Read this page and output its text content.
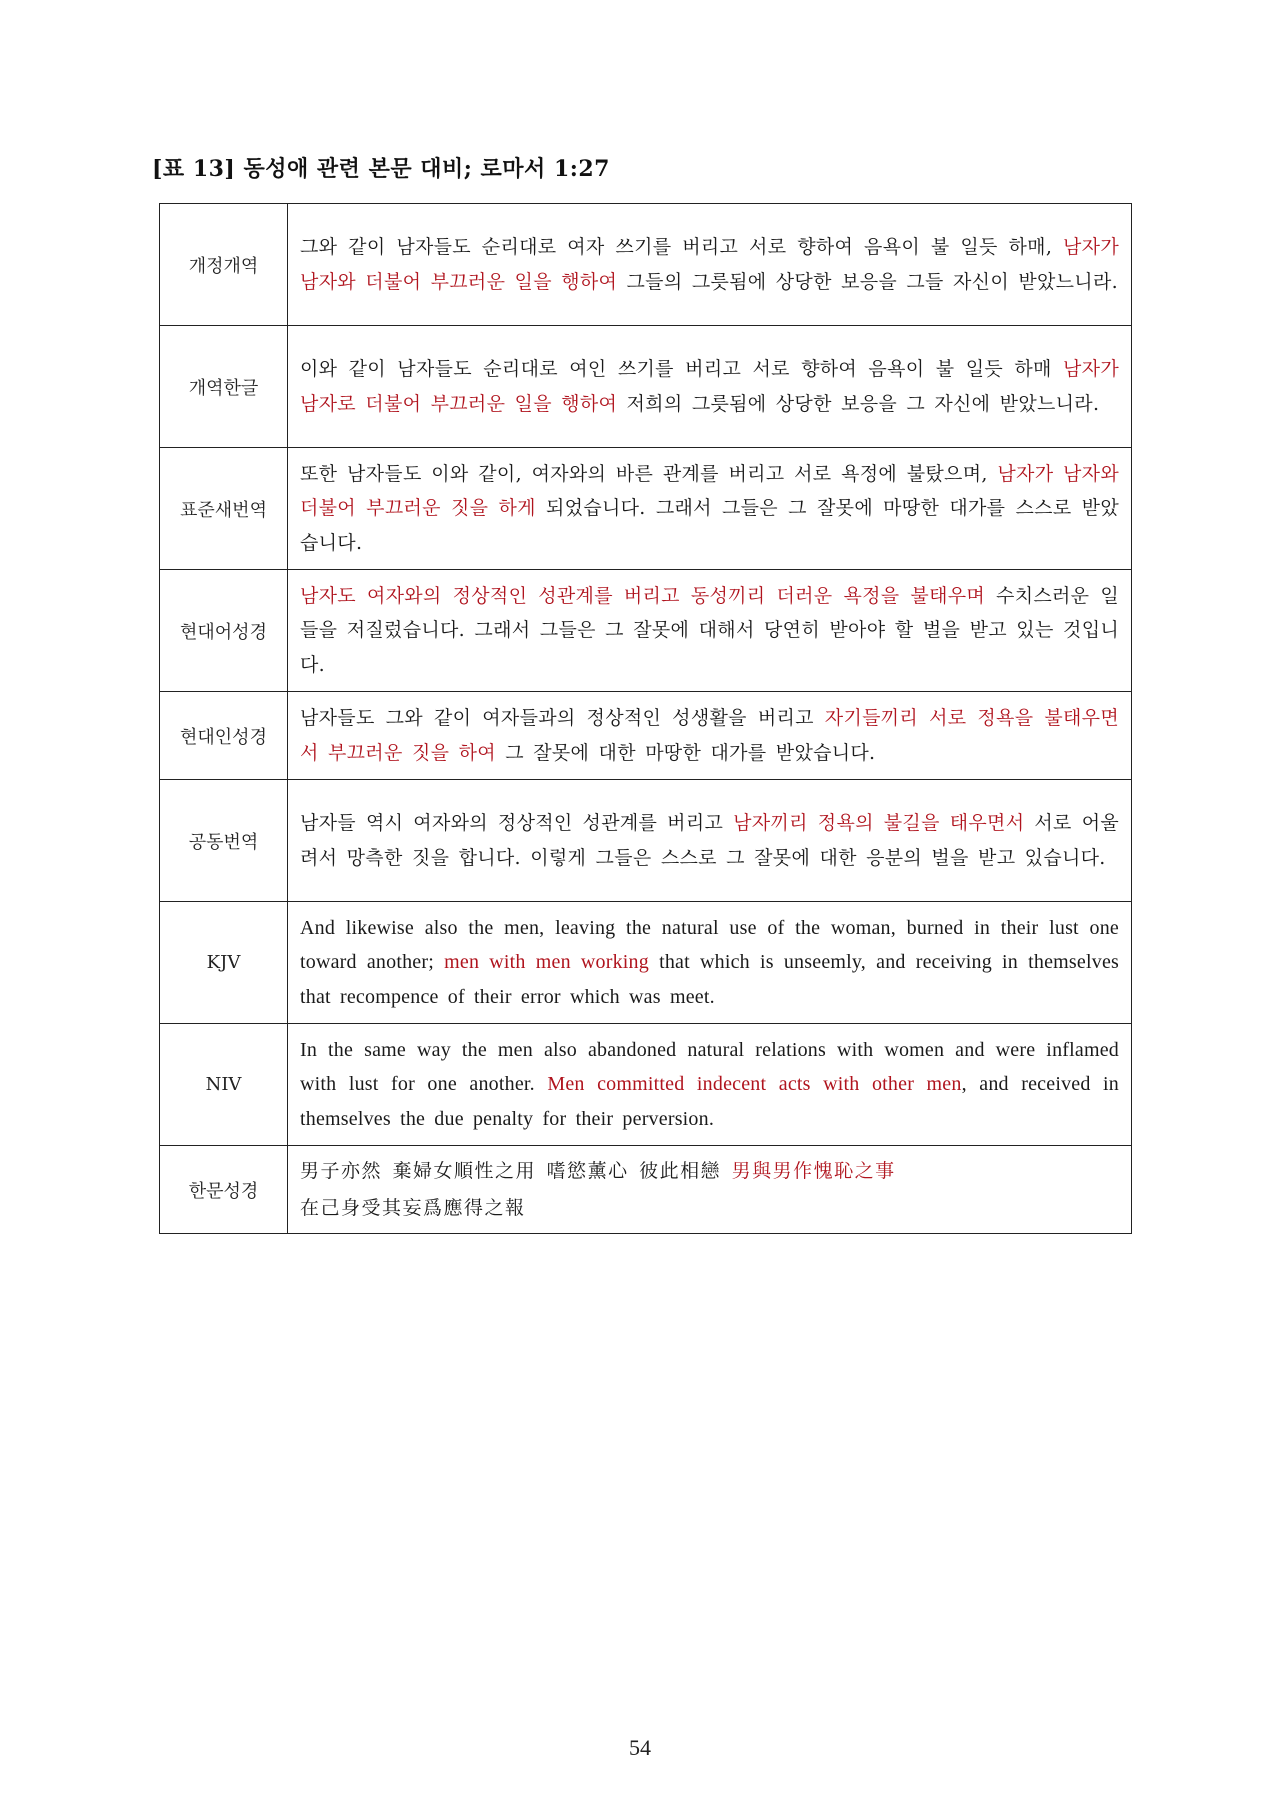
[표 13] 동성애 관련 본문 대비; 로마서 1:27
개정개역	그와 같이 남자들도 순리대로 여자 쓰기를 버리고 서로 향하여 음욕이 불 일듯 하매, 남자가 남자와 더불어 부끄러운 일을 행하여 그들의 그릇됨에 상당한 보응을 그들 자신이 받았느니라.
개역한글	이와 같이 남자들도 순리대로 여인 쓰기를 버리고 서로 향하여 음욕이 불 일듯 하매 남자가 남자로 더불어 부끄러운 일을 행하여 저희의 그릇됨에 상당한 보응을 그 자신에 받았느니라.
표준새번역	또한 남자들도 이와 같이, 여자와의 바른 관계를 버리고 서로 욕정에 불탔으며, 남자가 남자와 더불어 부끄러운 짓을 하게 되었습니다. 그래서 그들은 그 잘못에 마땅한 대가를 스스로 받았습니다.
현대어성경	남자도 여자와의 정상적인 성관계를 버리고 동성끼리 더러운 욕정을 불태우며 수치스러운 일들을 저질렀습니다. 그래서 그들은 그 잘못에 대해서 당연히 받아야 할 벌을 받고 있는 것입니다.
현대인성경	남자들도 그와 같이 여자들과의 정상적인 성생활을 버리고 자기들끼리 서로 정욕을 불태우면서 부끄러운 짓을 하여 그 잘못에 대한 마땅한 대가를 받았습니다.
공동번역	남자들 역시 여자와의 정상적인 성관계를 버리고 남자끼리 정욕의 불길을 태우면서 서로 어울려서 망측한 짓을 합니다. 이렇게 그들은 스스로 그 잘못에 대한 응분의 벌을 받고 있습니다.
KJV	And likewise also the men, leaving the natural use of the woman, burned in their lust one toward another; men with men working that which is unseemly, and receiving in themselves that recompence of their error which was meet.
NIV	In the same way the men also abandoned natural relations with women and were inflamed with lust for one another. Men committed indecent acts with other men, and received in themselves the due penalty for their perversion.
한문성경	男子亦然 棄婦女順性之用 嗜慾薰心 彼此相戀 男與男作愧恥之事
在己身受其妄爲應得之報
54
